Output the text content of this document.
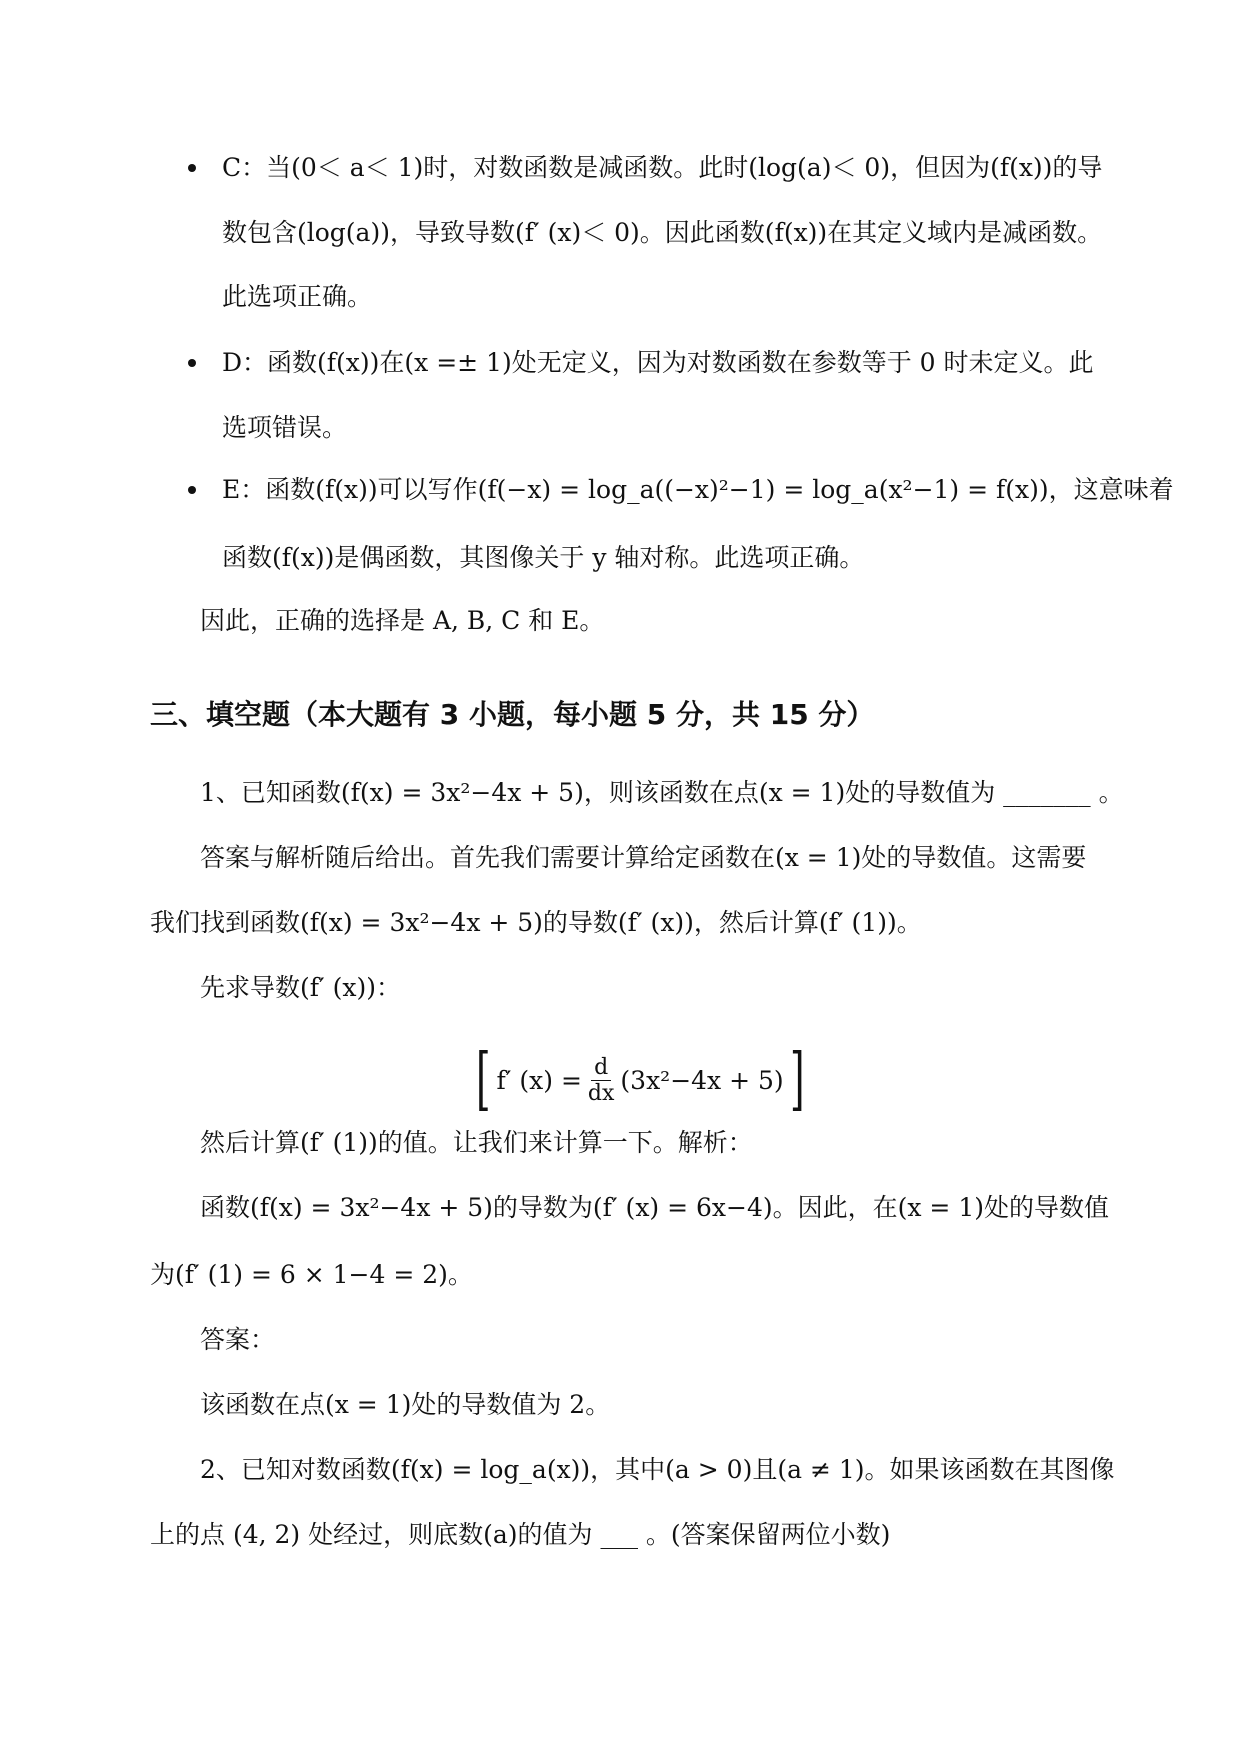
C：当(0＜ a＜ 1)时，对数函数是减函数。此时(log(a)＜ 0)，但因为(f(x))的导
数包含(log(a))，导致导数(f′ (x)＜ 0)。因此函数(f(x))在其定义域内是减函数。
此选项正确。
D：函数(f(x))在(x =± 1)处无定义，因为对数函数在参数等于 0 时未定义。此
选项错误。
E：函数(f(x))可以写作(f(−x) = log_a((−x)²−1) = log_a(x²−1) = f(x))，这意味着
函数(f(x))是偶函数，其图像关于 y 轴对称。此选项正确。
因此，正确的选择是 A, B, C 和 E。
三、填空题（本大题有 3 小题，每小题 5 分，共 15 分）
1、已知函数(f(x) = 3x²−4x + 5)，则该函数在点(x = 1)处的导数值为 _______ 。
答案与解析随后给出。首先我们需要计算给定函数在(x = 1)处的导数值。这需要
我们找到函数(f(x) = 3x²−4x + 5)的导数(f′ (x))，然后计算(f′ (1))。
先求导数(f′ (x))：
[ f′ $(x) = \frac{d}{dx} (3x^2-4x + 5)$ ]
然后计算(f′ (1))的值。让我们来计算一下。解析：
函数(f(x) = 3x²−4x + 5)的导数为(f′ (x) = 6x−4)。因此，在(x = 1)处的导数值
为(f′ (1) = 6 × 1−4 = 2)。
答案：
该函数在点(x = 1)处的导数值为 2。
2、已知对数函数(f(x) = log_a(x))，其中(a > 0)且(a ≠ 1)。如果该函数在其图像
上的点 (4, 2) 处经过，则底数(a)的值为 ___ 。(答案保留两位小数)
